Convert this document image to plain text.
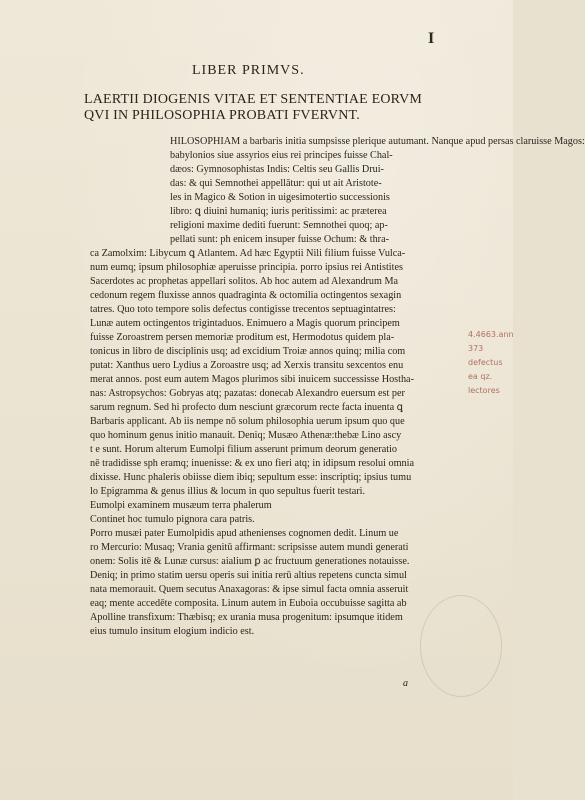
I
LIBER PRIMVS.
LAERTII DIOGENIS VITAE ET SENTENTIAE EORVM
QVI IN PHILOSOPHIA PROBATI FVERVNT.
HILOSOPHIAM a barbaris initia sumpsisse plerique autumant. Nanque apud persas claruisse Magos:
babylonios siue assyrios eius rei principes fuisse Chal-
dæos: Gymnosophistas Indis: Celtis seu Gallis Drui-
das: & qui Semnothei appellātur: qui ut ait Aristote-
les in Magico & Sotion in uigesimotertio successionis
libro: ꝗ diuini humaniq; iuris peritissimi: ac præterea
religioni maxime dediti fuerunt: Semnothei quoq; ap-
pellati sunt: ph enicem insuper fuisse Ochum: & thra-
ca Zamolxim: Libycum ꝗ Atlantem. Ad hæc Egyptii Nili filium fuisse Vulca-
num eumq; ipsum philosophiæ aperuisse principia. porro ipsius rei Antistites
Sacerdotes ac prophetas appellari solitos. Ab hoc autem ad Alexandrum Ma
cedonum regem fluxisse annos quadraginta & octomilia octingentos sexagin
tatres. Quo toto tempore solis defectus contigisse trecentos septuagintatres:
Lunæ autem octingentos trigintaduos. Enimuero a Magis quorum principem
fuisse Zoroastrem persen memoriæ proditum est, Hermodotus quidem pla-
tonicus in libro de disciplinis usq; ad excidium Troiæ annos quinq; milia com
putat: Xanthus uero Lydius a Zoroastre usq; ad Xerxis transitu sexcentos enu
merat annos. post eum autem Magos plurimos sibi inuicem successisse Hostha-
nas: Astropsychos: Gobryas atq; pazatas: donecab Alexandro euersum est per
sarum regnum. Sed hi profecto dum nesciunt græcorum recte facta inuenta ꝗ
Barbaris applicant. Ab iis nempe nō solum philosophia uerum ipsum quo que
quo hominum genus initio manauit. Deniq; Musæo Athenæ:thebæ Lino ascy
t e sunt. Horum alterum Eumolpi filium asserunt primum deorum generatio
nē tradidisse sph eramq; inuenisse: & ex uno fieri atq; in idipsum resolui omnia
dixisse. Hunc phaleris obiisse diem ibiq; sepultum esse: inscriptiq; ipsius tumu
lo Epigramma & genus illius & locum in quo sepultus fuerit testari.
Eumolpi examinem musæum terra phalerum
Continet hoc tumulo pignora cara patris.
Porro musæi pater Eumolpidis apud athenienses cognomen dedit. Linum ue
ro Mercurio: Musaq; Vrania genitū affirmant: scripsisse autem mundi generati
onem: Solis itē & Lunæ cursus: aialium ꝑ ac fructuum generationes notauisse.
Deniq; in primo statim uersu operis sui initia rerū altius repetens cuncta simul
nata memorauit. Quem secutus Anaxagoras: & ipse simul facta omnia asseruit
eaq; mente accedēte composita. Linum autem in Euboia occubuisse sagitta ab
Apolline transfixum: Thæbisq; ex urania musa progenitum: ipsumque itidem
eius tumulo insitum elogium indicio est.
4.4663.ann
373 defectus
ea qz. lectores
a
